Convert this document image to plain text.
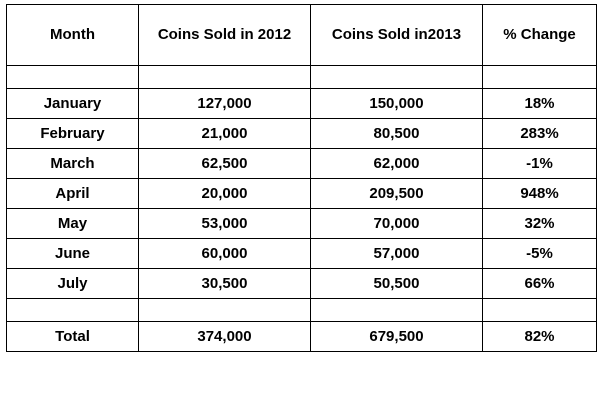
Month	Coins Sold in 2012	Coins Sold in2013	% Change

January	127,000	150,000	18%
February	21,000	80,500	283%
March	62,500	62,000	-1%
April	20,000	209,500	948%
May	53,000	70,000	32%
June	60,000	57,000	-5%
July	30,500	50,500	66%

Total	374,000	679,500	82%
